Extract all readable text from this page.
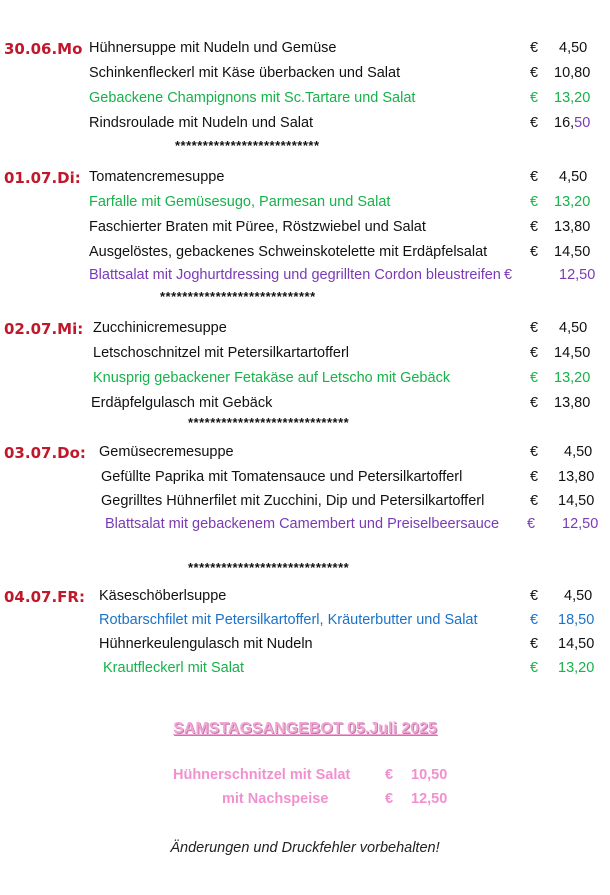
30.06.Mo Hühnersuppe mit Nudeln und Gemüse	€ 4,50
Schinkenfleckerl mit Käse überbacken und Salat	€ 10,80
Gebackene Champignons mit Sc.Tartare und Salat	€ 13,20
Rindsroulade mit Nudeln und Salat	€ 16,50
**************************
01.07.Di: Tomatencremesuppe	€ 4,50
Farfalle mit Gemüsesugo, Parmesan und Salat	€ 13,20
Faschierter Braten mit Püree, Röstzwiebel und Salat	€ 13,80
Ausgelöstes, gebackenes Schweinskotelette mit Erdäpfelsalat	€ 14,50
Blattsalat mit Joghurtdressing und gegrillten Cordon bleustreifen €	12,50
****************************
02.07.Mi: Zucchinicremesuppe	€ 4,50
Letschoschnitzel mit Petersilkartartofferl	€ 14,50
Knusprig gebackener Fetakäse auf Letscho mit Gebäck	€ 13,20
Erdäpfelgulasch mit Gebäck	€ 13,80
*****************************
03.07.Do: Gemüsecremesuppe	€ 4,50
Gefüllte Paprika mit Tomatensauce und Petersilkartofferl	€ 13,80
Gegrilltes Hühnerfilet mit Zucchini, Dip und Petersilkartofferl	€ 14,50
Blattsalat mit gebackenem Camembert und Preiselbeersauce € 12,50
*****************************
04.07.FR: Käseschöberlsuppe	€ 4,50
Rotbarschfilet mit Petersilkartofferl, Kräuterbutter und Salat	€ 18,50
Hühnerkeulengulasch mit Nudeln	€ 14,50
Krautfleckerl mit Salat	€ 13,20
SAMSTAGSANGEBOT 05.Juli 2025
Hühnerschnitzel mit Salat € 10,50
mit Nachspeise	€ 12,50
Änderungen und Druckfehler vorbehalten!
